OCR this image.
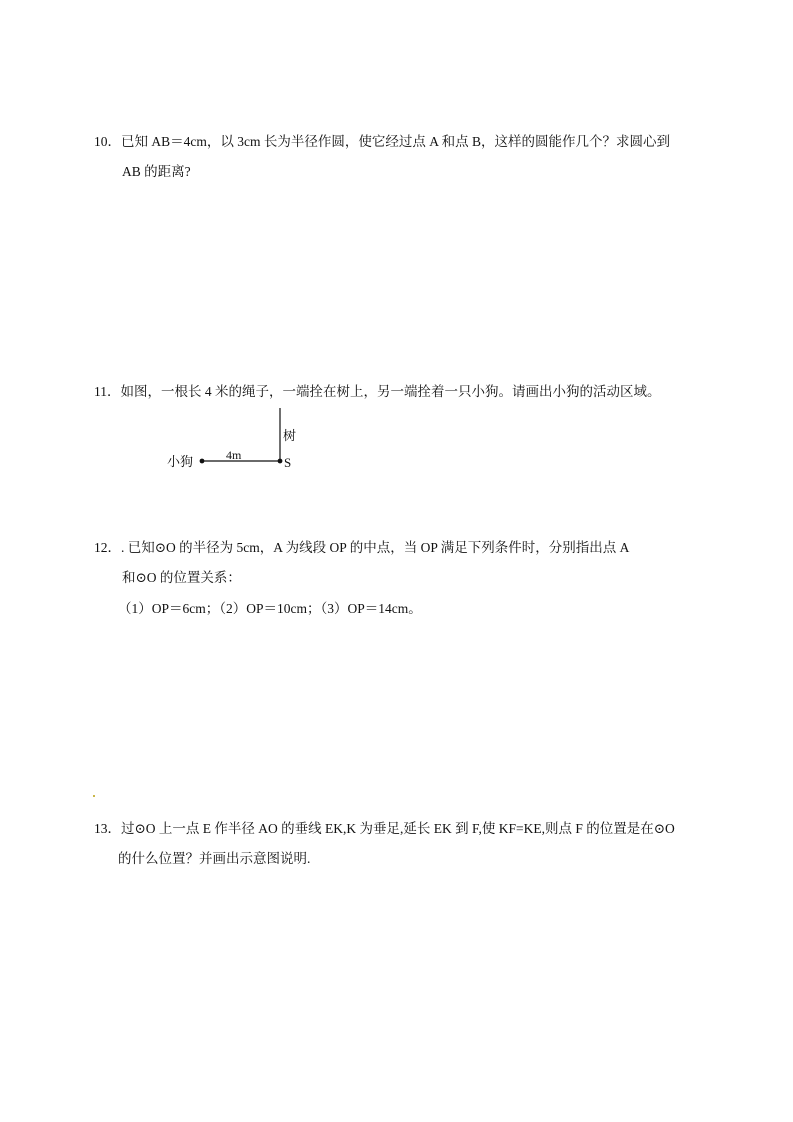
10．已知 AB＝4cm，以 3cm 长为半径作圆，使它经过点 A 和点 B，这样的圆能作几个？求圆心到
AB 的距离?
11．如图，一根长 4 米的绳子，一端拴在树上，另一端拴着一只小狗。请画出小狗的活动区域。
小狗	4m	S
树
12．. 已知⊙O 的半径为 5cm，A 为线段 OP 的中点，当 OP 满足下列条件时，分别指出点 A
和⊙O 的位置关系：
（1）OP＝6cm；（2）OP＝10cm；（3）OP＝14cm。
13．过⊙O 上一点 E 作半径 AO 的垂线 EK,K 为垂足,延长 EK 到 F,使 KF=KE,则点 F 的位置是在⊙O
的什么位置？并画出示意图说明.
